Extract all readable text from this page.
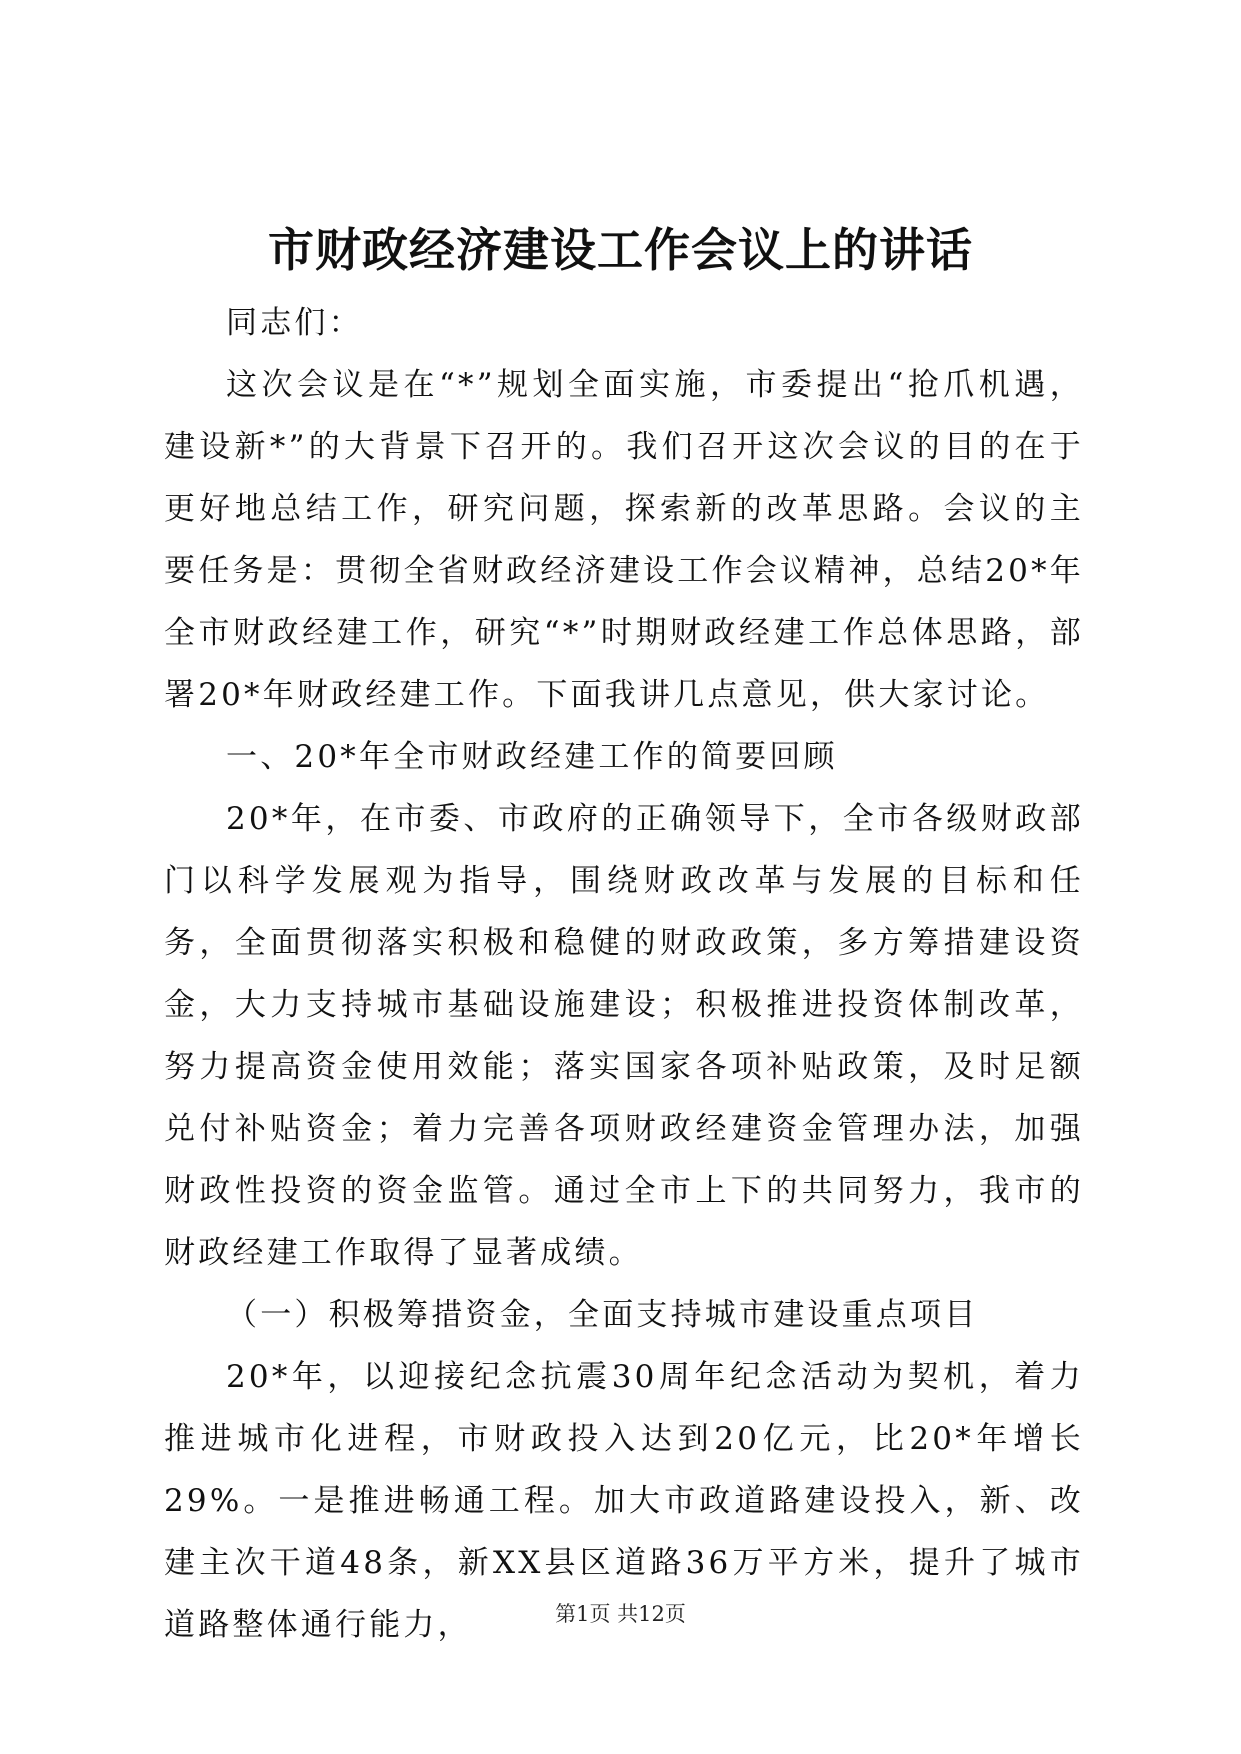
市财政经济建设工作会议上的讲话

同志们：

这次会议是在“*”规划全面实施，市委提出“抢爪机遇，建设新*”的大背景下召开的。我们召开这次会议的目的在于更好地总结工作，研究问题，探索新的改革思路。会议的主要任务是：贯彻全省财政经济建设工作会议精神，总结20*年全市财政经建工作，研究“*”时期财政经建工作总体思路，部署20*年财政经建工作。下面我讲几点意见，供大家讨论。

一、20*年全市财政经建工作的简要回顾

20*年，在市委、市政府的正确领导下，全市各级财政部门以科学发展观为指导，围绕财政改革与发展的目标和任务，全面贯彻落实积极和稳健的财政政策，多方筹措建设资金，大力支持城市基础设施建设；积极推进投资体制改革，努力提高资金使用效能；落实国家各项补贴政策，及时足额兑付补贴资金；着力完善各项财政经建资金管理办法，加强财政性投资的资金监管。通过全市上下的共同努力，我市的财政经建工作取得了显著成绩。

（一）积极筹措资金，全面支持城市建设重点项目

20*年，以迎接纪念抗震30周年纪念活动为契机，着力推进城市化进程，市财政投入达到20亿元，比20*年增长29%。一是推进畅通工程。加大市政道路建设投入，新、改建主次干道48条，新XX县区道路36万平方米，提升了城市道路整体通行能力，	第1页 共12页
